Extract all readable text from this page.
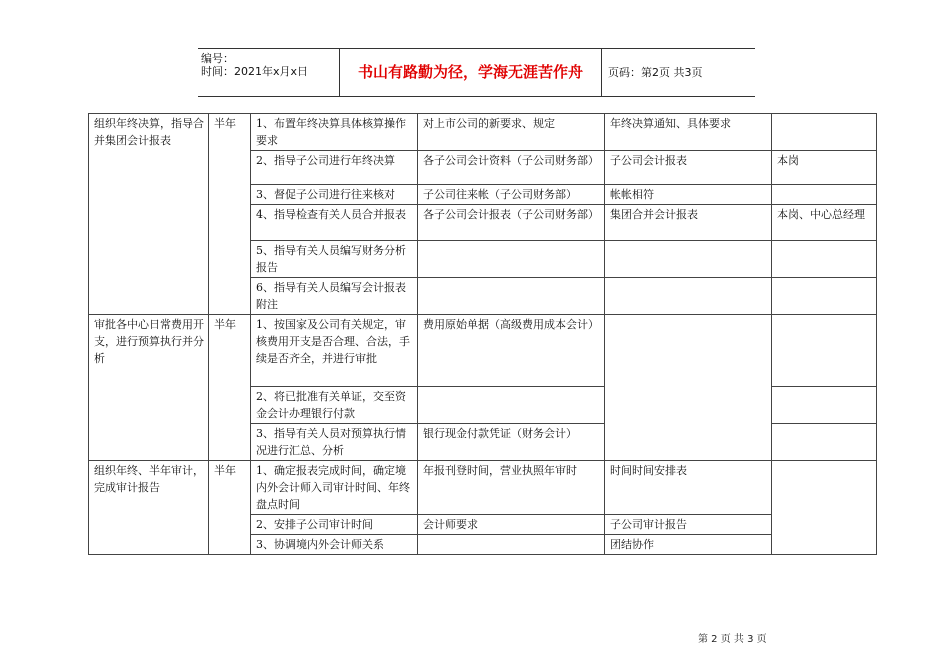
编号：
时间：2021年x月x日	书山有路勤为径，学海无涯苦作舟	页码：第2页 共3页
组织年终决算，指导合并集团会计报表	半年	1、布置年终决算具体核算操作要求	对上市公司的新要求、规定	年终决算通知、具体要求	
		2、指导子公司进行年终决算	各子公司会计资料（子公司财务部）	子公司会计报表	本岗
		3、督促子公司进行往来核对	子公司往来帐（子公司财务部）	帐帐相符	
		4、指导检查有关人员合并报表	各子公司会计报表（子公司财务部）	集团合并会计报表	本岗、中心总经理
		5、指导有关人员编写财务分析报告			
		6、指导有关人员编写会计报表附注			
审批各中心日常费用开支，进行预算执行并分析	半年	1、按国家及公司有关规定，审核费用开支是否合理、合法，手续是否齐全，并进行审批	费用原始单据（高级费用成本会计）		
		2、将已批准有关单证，交至资金会计办理银行付款			
		3、指导有关人员对预算执行情况进行汇总、分析	银行现金付款凭证（财务会计）		
组织年终、半年审计，完成审计报告	半年	1、确定报表完成时间，确定境内外会计师入司审计时间、年终盘点时间	年报刊登时间，营业执照年审时	时间时间安排表	
		2、安排子公司审计时间	会计师要求	子公司审计报告	
		3、协调境内外会计师关系		团结协作	
第 2 页 共 3 页
